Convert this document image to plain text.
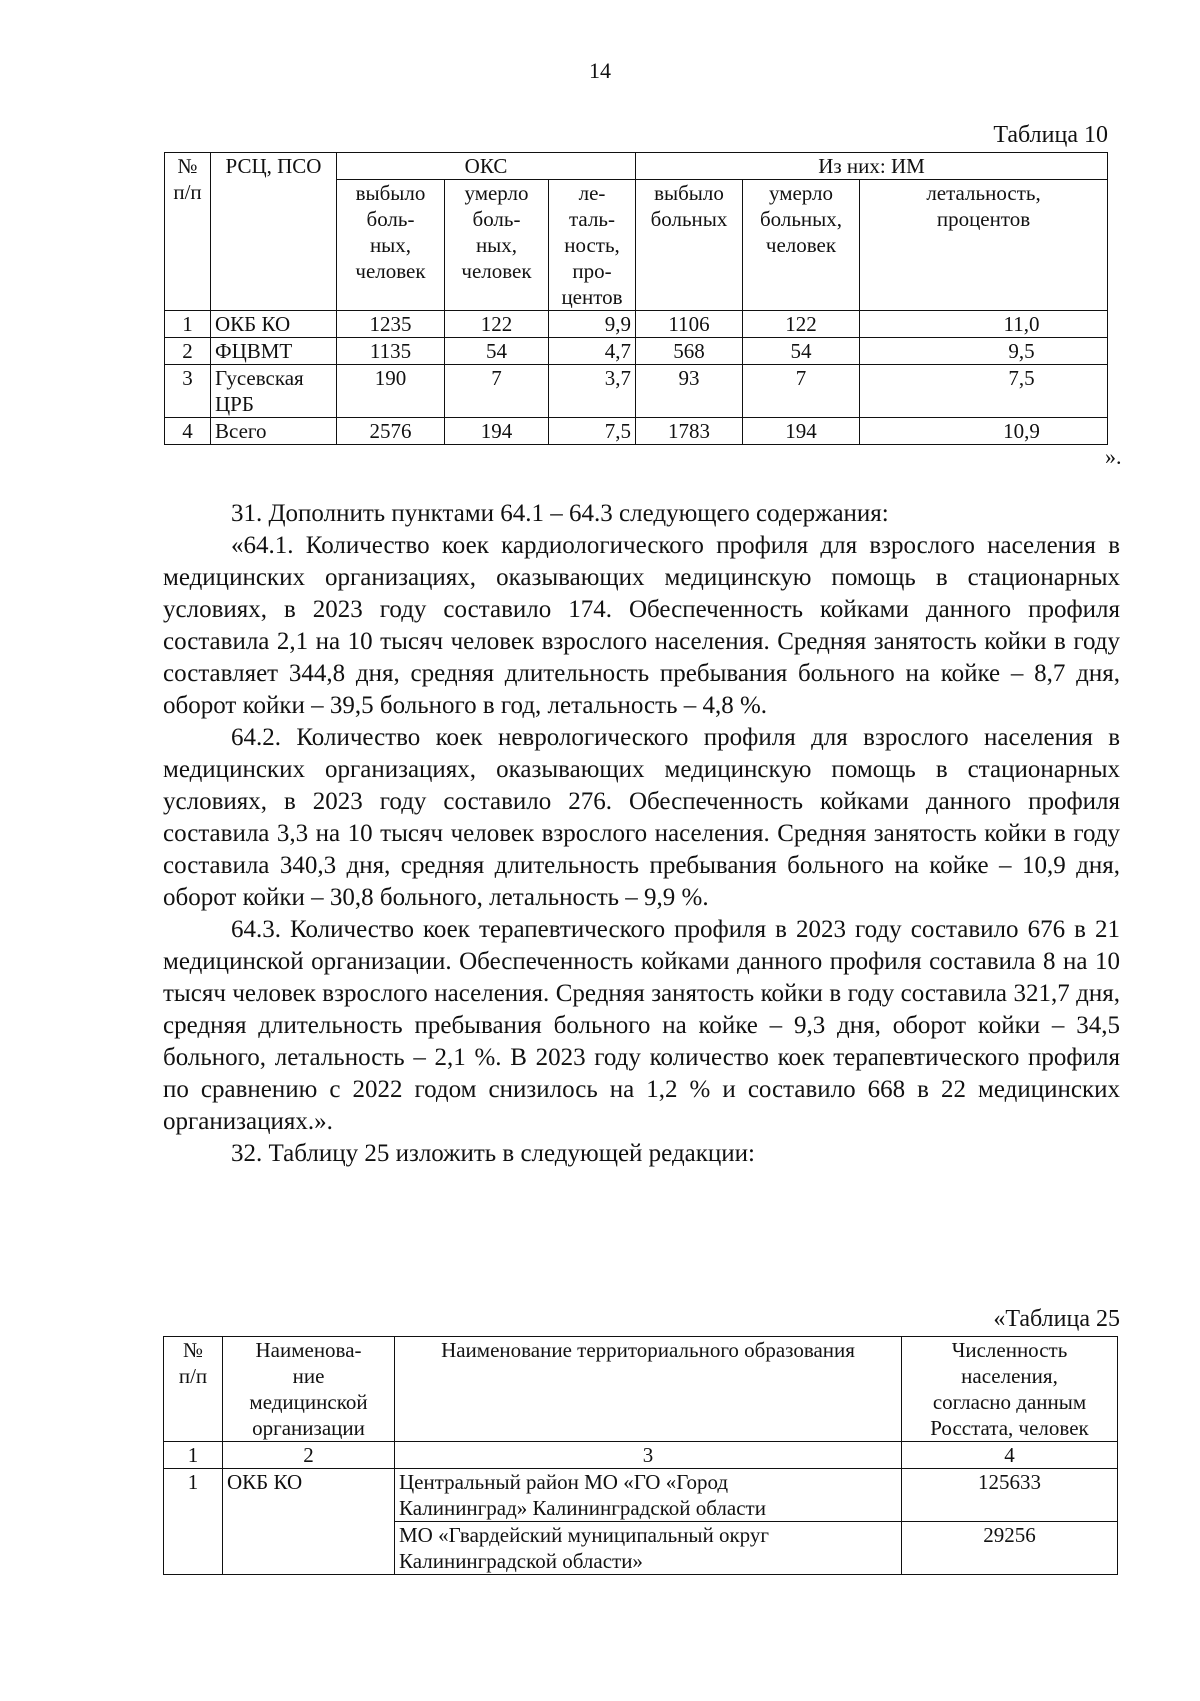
14
Таблица 10
№
п/п	РСЦ, ПСО	ОКС			Из них: ИМ		
		выбыло
боль-
ных,
человек	умерло
боль-
ных,
человек	ле-
таль-
ность,
про-
центов	выбыло больных	умерло
больных,
человек	летальность,
процентов
1	ОКБ КО	1235	122	9,9	1106	122	11,0
2	ФЦВМТ	1135	54	4,7	568	54	9,5
3	Гусевская ЦРБ	190	7	3,7	93	7	7,5
4	Всего	2576	194	7,5	1783	194	10,9
».

31. Дополнить пунктами 64.1 – 64.3 следующего содержания:

«64.1. Количество коек кардиологического профиля для взрослого населения в медицинских организациях, оказывающих медицинскую помощь в стационарных условиях, в 2023 году составило 174. Обеспеченность койками данного профиля составила 2,1 на 10 тысяч человек взрослого населения. Средняя занятость койки в году составляет 344,8 дня, средняя длительность пребывания больного на койке – 8,7 дня, оборот койки – 39,5 больного в год, летальность – 4,8 %.

64.2. Количество коек неврологического профиля для взрослого населения в медицинских организациях, оказывающих медицинскую помощь в стационарных условиях, в 2023 году составило 276. Обеспеченность койками данного профиля составила 3,3 на 10 тысяч человек взрослого населения. Средняя занятость койки в году составила 340,3 дня, средняя длительность пребывания больного на койке – 10,9 дня, оборот койки – 30,8 больного, летальность – 9,9 %.

64.3. Количество коек терапевтического профиля в 2023 году составило 676 в 21 медицинской организации. Обеспеченность койками данного профиля составила 8 на 10 тысяч человек взрослого населения. Средняя занятость койки в году составила 321,7 дня, средняя длительность пребывания больного на койке – 9,3 дня, оборот койки – 34,5 больного, летальность – 2,1 %. В 2023 году количество коек терапевтического профиля по сравнению с 2022 годом снизилось на 1,2 % и составило 668 в 22 медицинских организациях.».

32. Таблицу 25 изложить в следующей редакции:

«Таблица 25
№
п/п	Наименова-
ние
медицинской
организации	Наименование территориального образования	Численность
населения,
согласно данным
Росстата, человек
1	2	3	4
1	ОКБ КО	Центральный район МО «ГО «Город Калининград» Калининградской области	125633
		МО «Гвардейский муниципальный округ Калининградской области»	29256
